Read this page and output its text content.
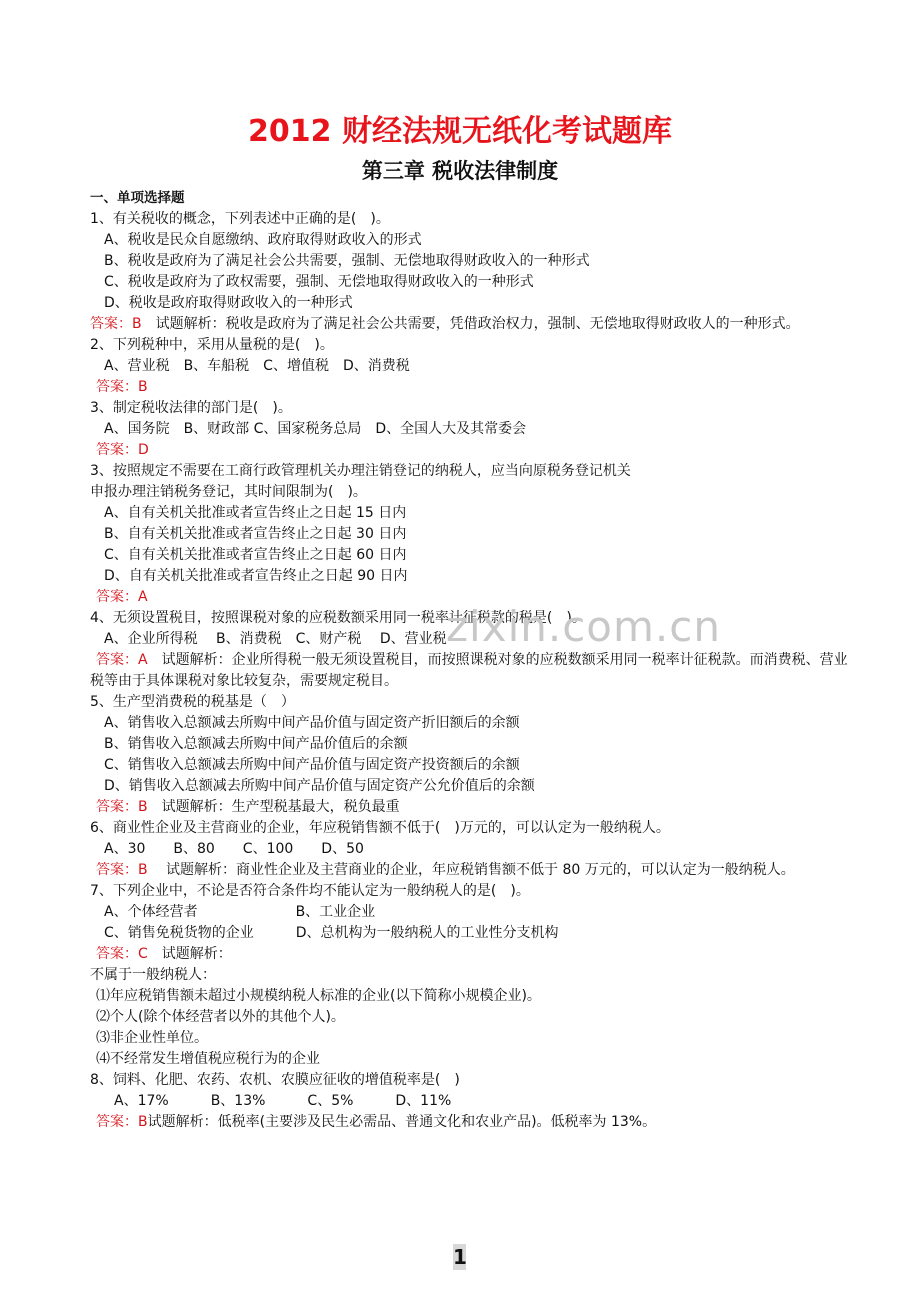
2012 财经法规无纸化考试题库
第三章 税收法律制度
一、单项选择题
1、有关税收的概念，下列表述中正确的是(　)。
A、税收是民众自愿缴纳、政府取得财政收入的形式
B、税收是政府为了满足社会公共需要，强制、无偿地取得财政收入的一种形式
C、税收是政府为了政权需要，强制、无偿地取得财政收入的一种形式
D、税收是政府取得财政收入的一种形式
答案：B　试题解析：税收是政府为了满足社会公共需要，凭借政治权力，强制、无偿地取得财政收人的一种形式。
2、下列税种中，采用从量税的是(　)。
A、营业税　B、车船税　C、增值税　D、消费税
答案：B
3、制定税收法律的部门是(　)。
A、国务院　B、财政部 C、国家税务总局　D、全国人大及其常委会
答案：D
3、按照规定不需要在工商行政管理机关办理注销登记的纳税人，应当向原税务登记机关
申报办理注销税务登记，其时间限制为(　)。
A、自有关机关批准或者宣告终止之日起 15 日内
B、自有关机关批准或者宣告终止之日起 30 日内
C、自有关机关批准或者宣告终止之日起 60 日内
D、自有关机关批准或者宣告终止之日起 90 日内
答案：A
4、无须设置税目，按照课税对象的应税数额采用同一税率计征税款的税是(　)。
A、企业所得税　 B、消费税　C、财产税　 D、营业税
答案：A　试题解析：企业所得税一般无须设置税目，而按照课税对象的应税数额采用同一税率计征税款。而消费税、营业税等由于具体课税对象比较复杂，需要规定税目。
5、生产型消费税的税基是（　）
A、销售收入总额减去所购中间产品价值与固定资产折旧额后的余额
B、销售收入总额减去所购中间产品价值后的余额
C、销售收入总额减去所购中间产品价值与固定资产投资额后的余额
D、销售收入总额减去所购中间产品价值与固定资产公允价值后的余额
答案：B　试题解析：生产型税基最大，税负最重
6、商业性企业及主营商业的企业，年应税销售额不低于(　)万元的，可以认定为一般纳税人。
A、30　　B、80　　C、100　　D、50
答案：B　 试题解析：商业性企业及主营商业的企业，年应税销售额不低于 80 万元的，可以认定为一般纳税人。
7、下列企业中，不论是否符合条件均不能认定为一般纳税人的是(　)。
A、个体经营者　　　　　　　B、工业企业
C、销售免税货物的企业　　　D、总机构为一般纳税人的工业性分支机构
答案：C　试题解析：
不属于一般纳税人：
⑴年应税销售额未超过小规模纳税人标准的企业(以下简称小规模企业)。
⑵个人(除个体经营者以外的其他个人)。
⑶非企业性单位。
⑷不经常发生增值税应税行为的企业
8、饲料、化肥、农药、农机、农膜应征收的增值税率是(　)
A、17%　　　B、13%　　　C、5%　　　D、11%
答案：B试题解析：低税率(主要涉及民生必需品、普通文化和农业产品)。低税率为 13%。
zixin.com.cn
1
